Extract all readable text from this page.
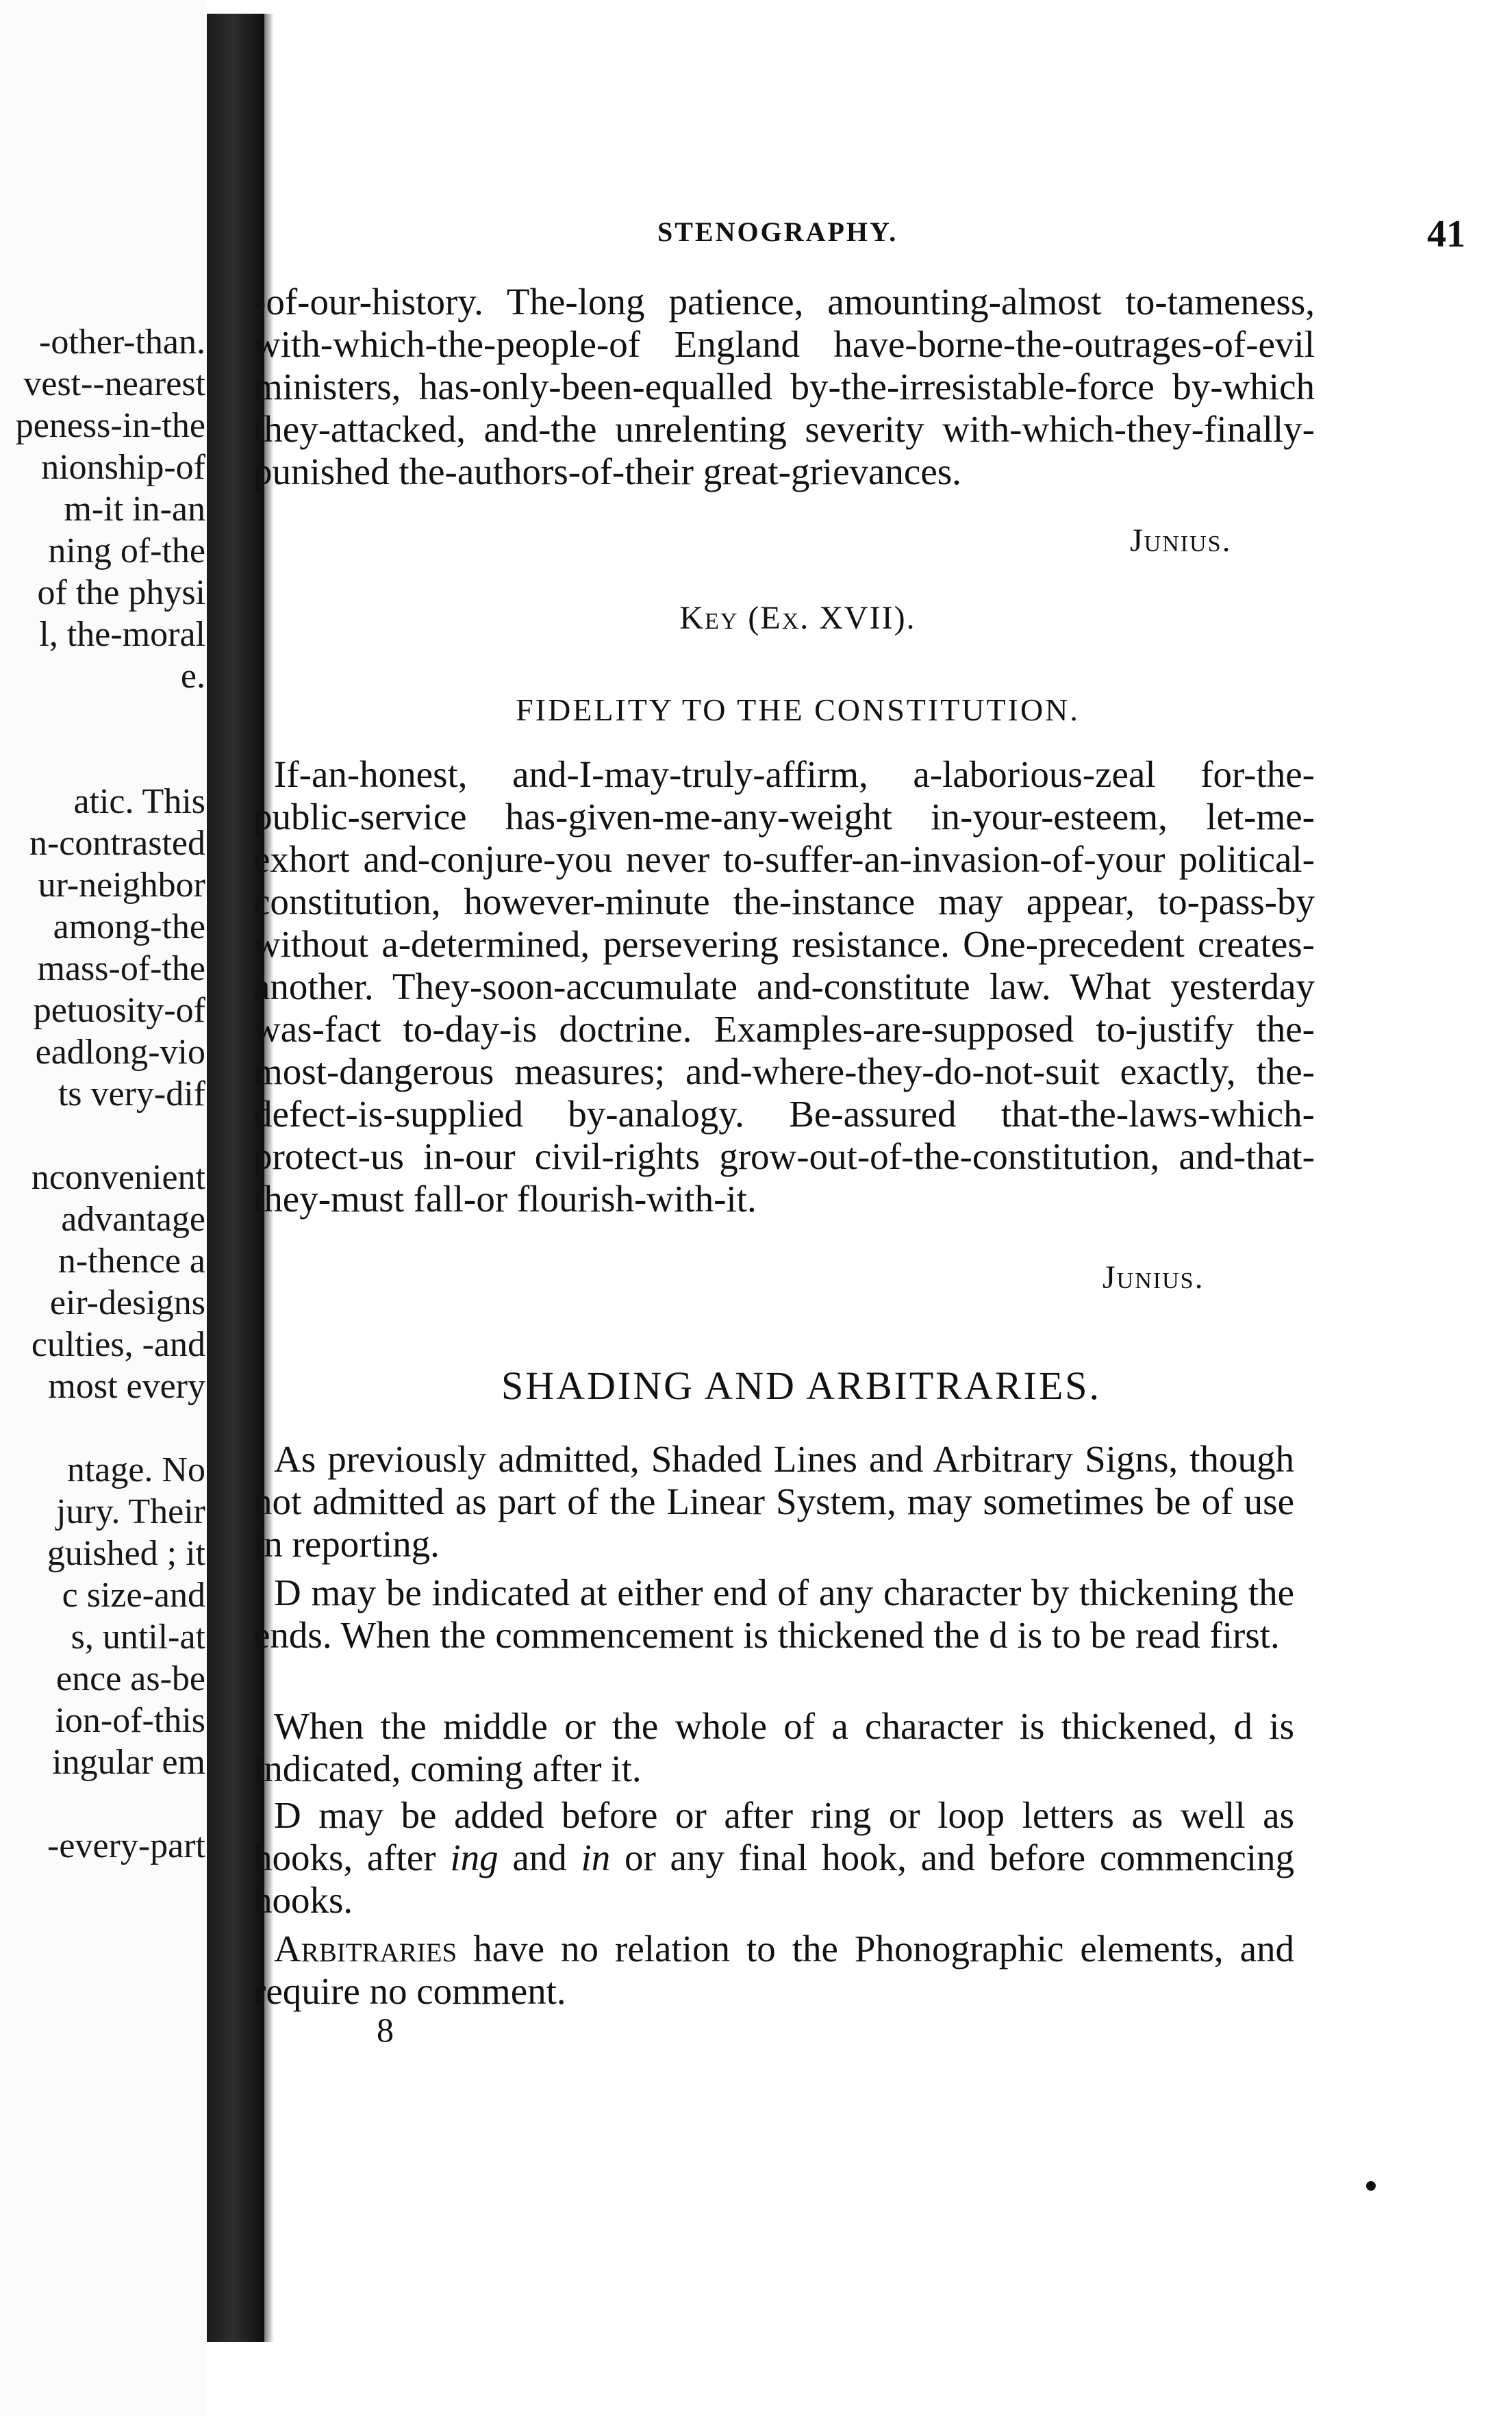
-other-than.
vest--nearest
peness-in-the
nionship-of
m-it in-an
ning of-the
of the physi
l, the-moral
e.
atic. This
n-contrasted
ur-neighbor
among-the
mass-of-the
petuosity-of
eadlong-vio
ts very-dif
nconvenient
advantage
n-thence a
eir-designs
culties, -and
most every
ntage. No
jury. Their
guished ; it
c size-and
s, until-at
ence as-be
ion-of-this
ingular em
-every-part
STENOGRAPHY.	41

-of-our-history. The-long patience, amounting-almost to-tameness, with-which-the-people-of England have-borne-the-outrages-of-evil ministers, has-only-been-equalled by-the-irresistable-force by-which they-attacked, and-the unrelenting severity with-which-they-finally-punished the-authors-of-their great-grievances.

Junius.
Key (Ex. XVII).
FIDELITY TO THE CONSTITUTION.

If-an-honest, and-I-may-truly-affirm, a-laborious-zeal for-the-public-service has-given-me-any-weight in-your-esteem, let-me-exhort and-conjure-you never to-suffer-an-invasion-of-your political-constitution, however-minute the-instance may appear, to-pass-by without a-determined, persevering resistance. One-precedent creates-another. They-soon-accumulate and-constitute law. What yesterday was-fact to-day-is doctrine. Examples-are-supposed to-justify the-most-dangerous measures; and-where-they-do-not-suit exactly, the-defect-is-supplied by-analogy. Be-assured that-the-laws-which-protect-us in-our civil-rights grow-out-of-the-constitution, and-that-they-must fall-or flourish-with-it.

Junius.
SHADING AND ARBITRARIES.

As previously admitted, Shaded Lines and Arbitrary Signs, though not admitted as part of the Linear System, may sometimes be of use in reporting.

D may be indicated at either end of any character by thickening the ends. When the commencement is thickened the d is to be read first.

When the middle or the whole of a character is thickened, d is indicated, coming after it.

D may be added before or after ring or loop letters as well as hooks, after ing and in or any final hook, and before commencing hooks.

Arbitraries have no relation to the Phonographic elements, and require no comment.

8
